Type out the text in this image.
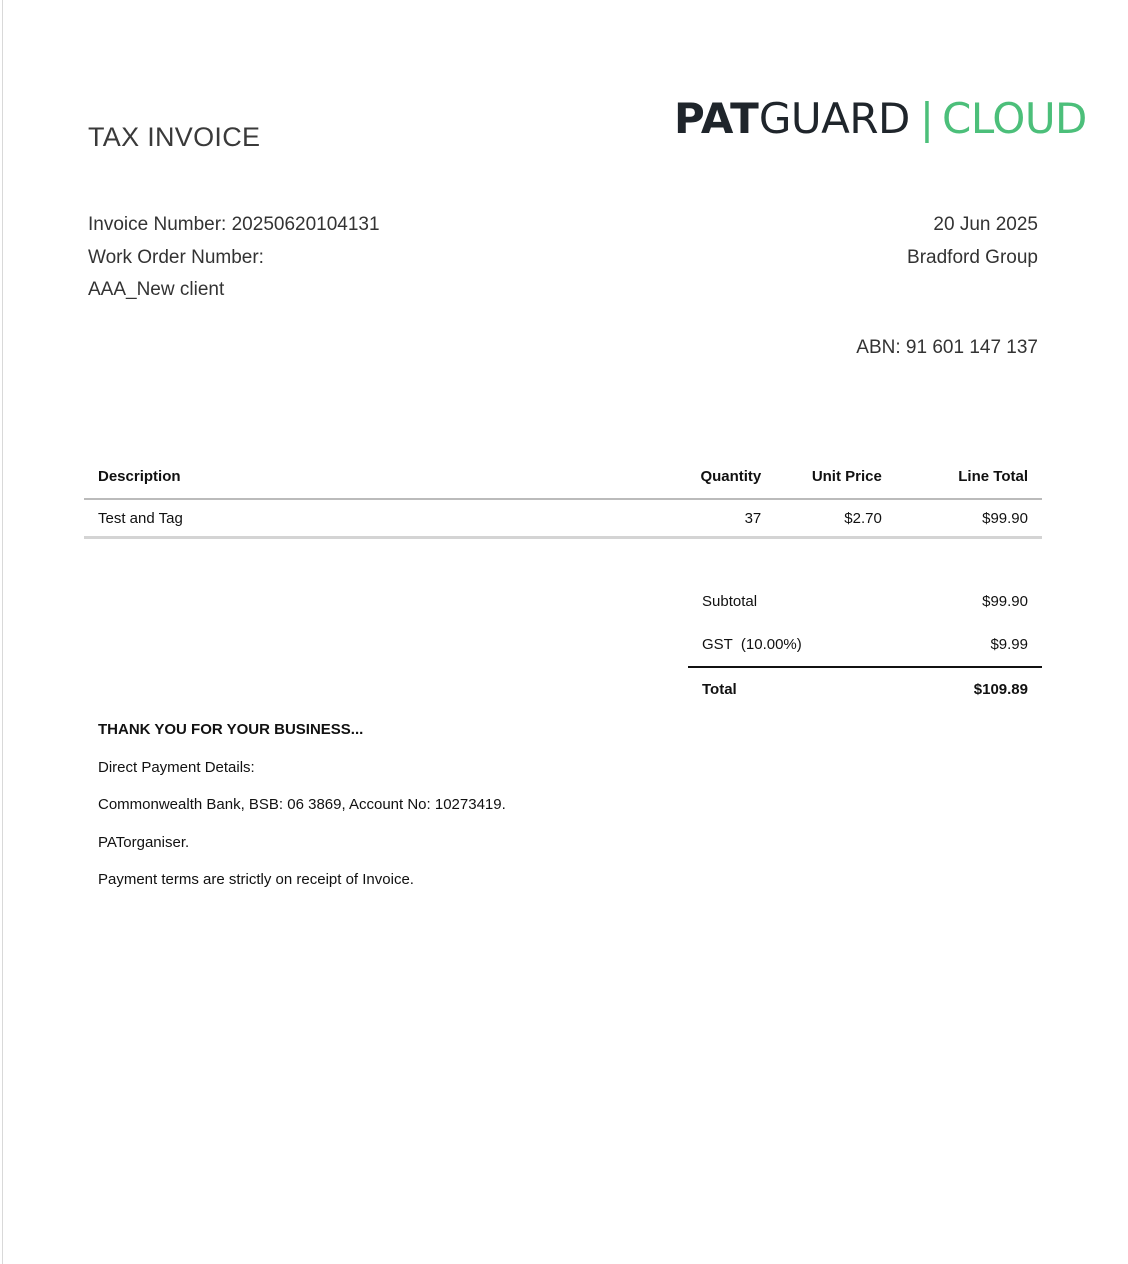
TAX INVOICE	PATGUARD | CLOUD
Invoice Number: 20250620104131
Work Order Number:
AAA_New client
20 Jun 2025
Bradford Group
ABN: 91 601 147 137
Description	Quantity	Unit Price	Line Total
Test and Tag	37	$2.70	$99.90
Subtotal	$99.90
GST  (10.00%)	$9.99
Total	$109.89
THANK YOU FOR YOUR BUSINESS...
Direct Payment Details:
Commonwealth Bank, BSB: 06 3869, Account No: 10273419.
PATorganiser.
Payment terms are strictly on receipt of Invoice.
